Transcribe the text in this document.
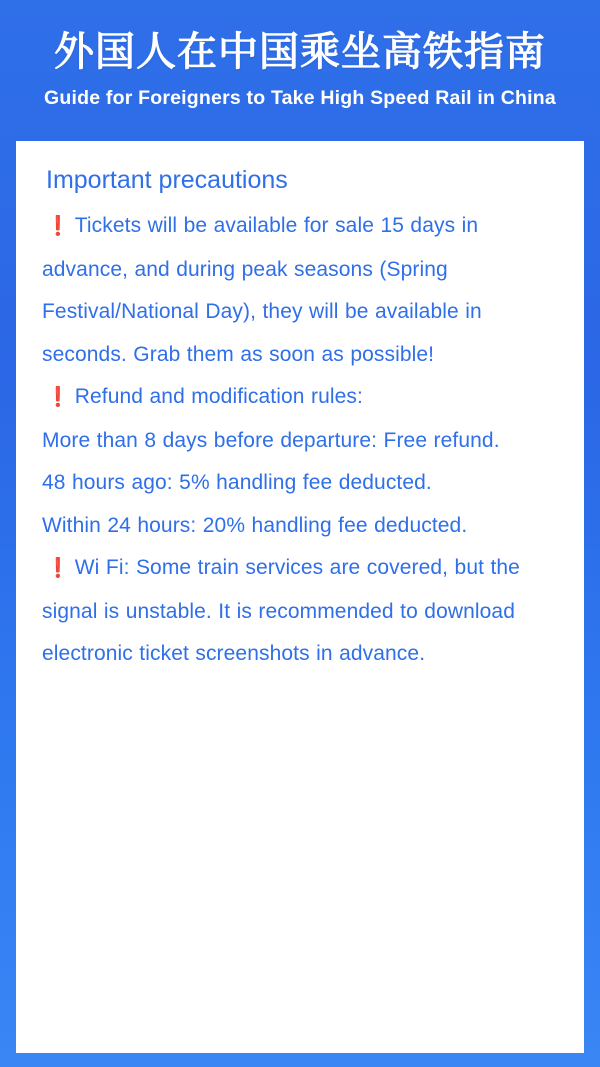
外国人在中国乘坐高铁指南
Guide for Foreigners to Take High Speed Rail in China
Important precautions

❗ Tickets will be available for sale 15 days in advance, and during peak seasons (Spring Festival/National Day), they will be available in seconds. Grab them as soon as possible!

❗ Refund and modification rules:

More than 8 days before departure: Free refund.

48 hours ago: 5% handling fee deducted.

Within 24 hours: 20% handling fee deducted.

❗ Wi Fi: Some train services are covered, but the signal is unstable. It is recommended to download electronic ticket screenshots in advance.
